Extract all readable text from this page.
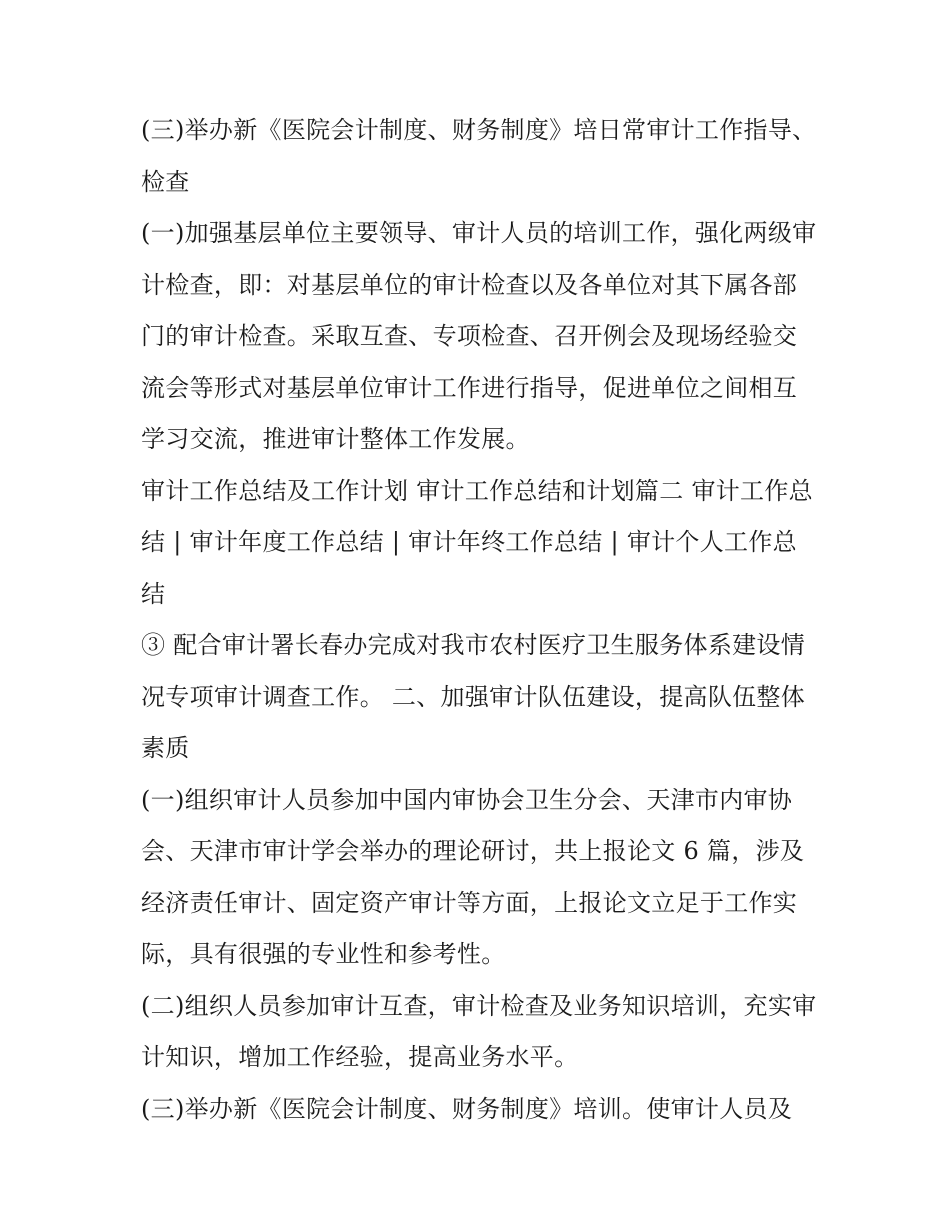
(三)举办新《医院会计制度、财务制度》培日常审计工作指导、检查

(一)加强基层单位主要领导、审计人员的培训工作，强化两级审计检查，即：对基层单位的审计检查以及各单位对其下属各部门的审计检查。采取互查、专项检查、召开例会及现场经验交流会等形式对基层单位审计工作进行指导，促进单位之间相互学习交流，推进审计整体工作发展。

审计工作总结及工作计划 审计工作总结和计划篇二 审计工作总结 | 审计年度工作总结 | 审计年终工作总结 | 审计个人工作总结

③ 配合审计署长春办完成对我市农村医疗卫生服务体系建设情况专项审计调查工作。 二、加强审计队伍建设，提高队伍整体素质

(一)组织审计人员参加中国内审协会卫生分会、天津市内审协会、天津市审计学会举办的理论研讨，共上报论文 6 篇，涉及经济责任审计、固定资产审计等方面，上报论文立足于工作实际，具有很强的专业性和参考性。

(二)组织人员参加审计互查，审计检查及业务知识培训，充实审计知识，增加工作经验，提高业务水平。

(三)举办新《医院会计制度、财务制度》培训。使审计人员及
